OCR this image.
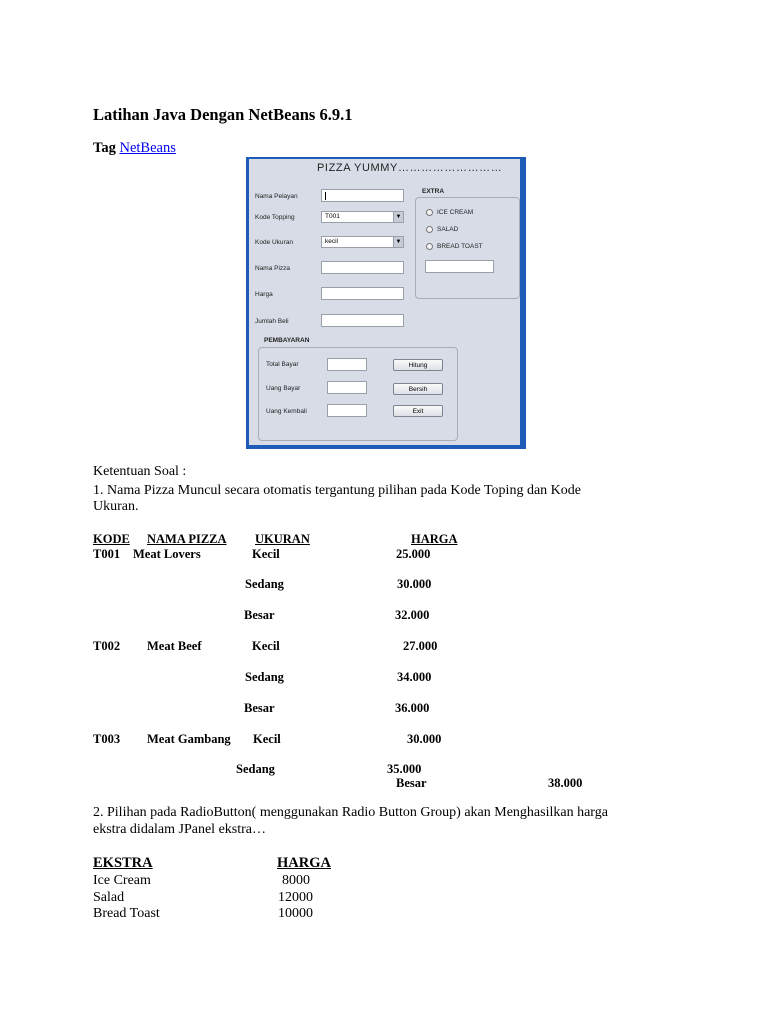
Latihan Java Dengan NetBeans 6.9.1
Tag NetBeans
PIZZA YUMMY………………………
Nama Pelayan
Kode Topping	T001	▼
Kode Ukuran	kecil	▼
Nama Pizza
Harga
Jumlah Beli
EXTRA
ICE CREAM
SALAD
BREAD TOAST
PEMBAYARAN
Total Bayar	Hitung
Uang Bayar	Bersih
Uang Kembali	Exit
Ketentuan Soal :
1. Nama Pizza Muncul secara otomatis tergantung pilihan pada Kode Toping dan Kode
Ukuran.
KODE NAMA PIZZA UKURAN	HARGA
T001 Meat Lovers	Kecil	25.000
Sedang	30.000
Besar	32.000
T002 Meat Beef	Kecil	27.000
Sedang	34.000
Besar	36.000
T003 Meat Gambang Kecil	30.000
Sedang	35.000
Besar	38.000
2. Pilihan pada RadioButton( menggunakan Radio Button Group) akan Menghasilkan harga
ekstra didalam JPanel ekstra…
EKSTRA	HARGA
Ice Cream	8000
Salad	12000
Bread Toast	10000
